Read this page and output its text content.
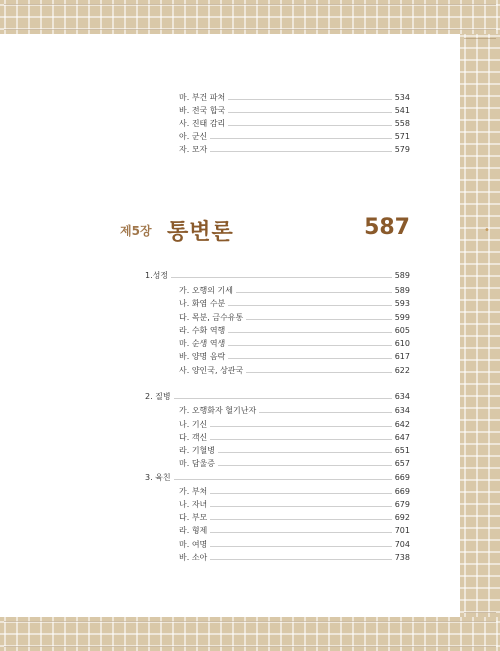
마. 부건 파처	534
바. 전국 합국	541
사. 진태 감리	558
아. 군신	571
자. 모자	579
제5장 통변론	•
587
1.성정	589
가. 오행의 기세	589
나. 화염 수분	593
다. 목분, 금수유통	599
라. 수화 역행	605
마. 순생 역생	610
바. 양명 음락	617
사. 양인국, 상관국	622
2. 질병	634
가. 오행화자 혈기난자	634
나. 기신	642
다. 객신	647
라. 기혈병	651
마. 담울증	657
3. 육친	669
가. 부처	669
나. 자녀	679
다. 부모	692
라. 형제	701
마. 여명	704
바. 소아	738
